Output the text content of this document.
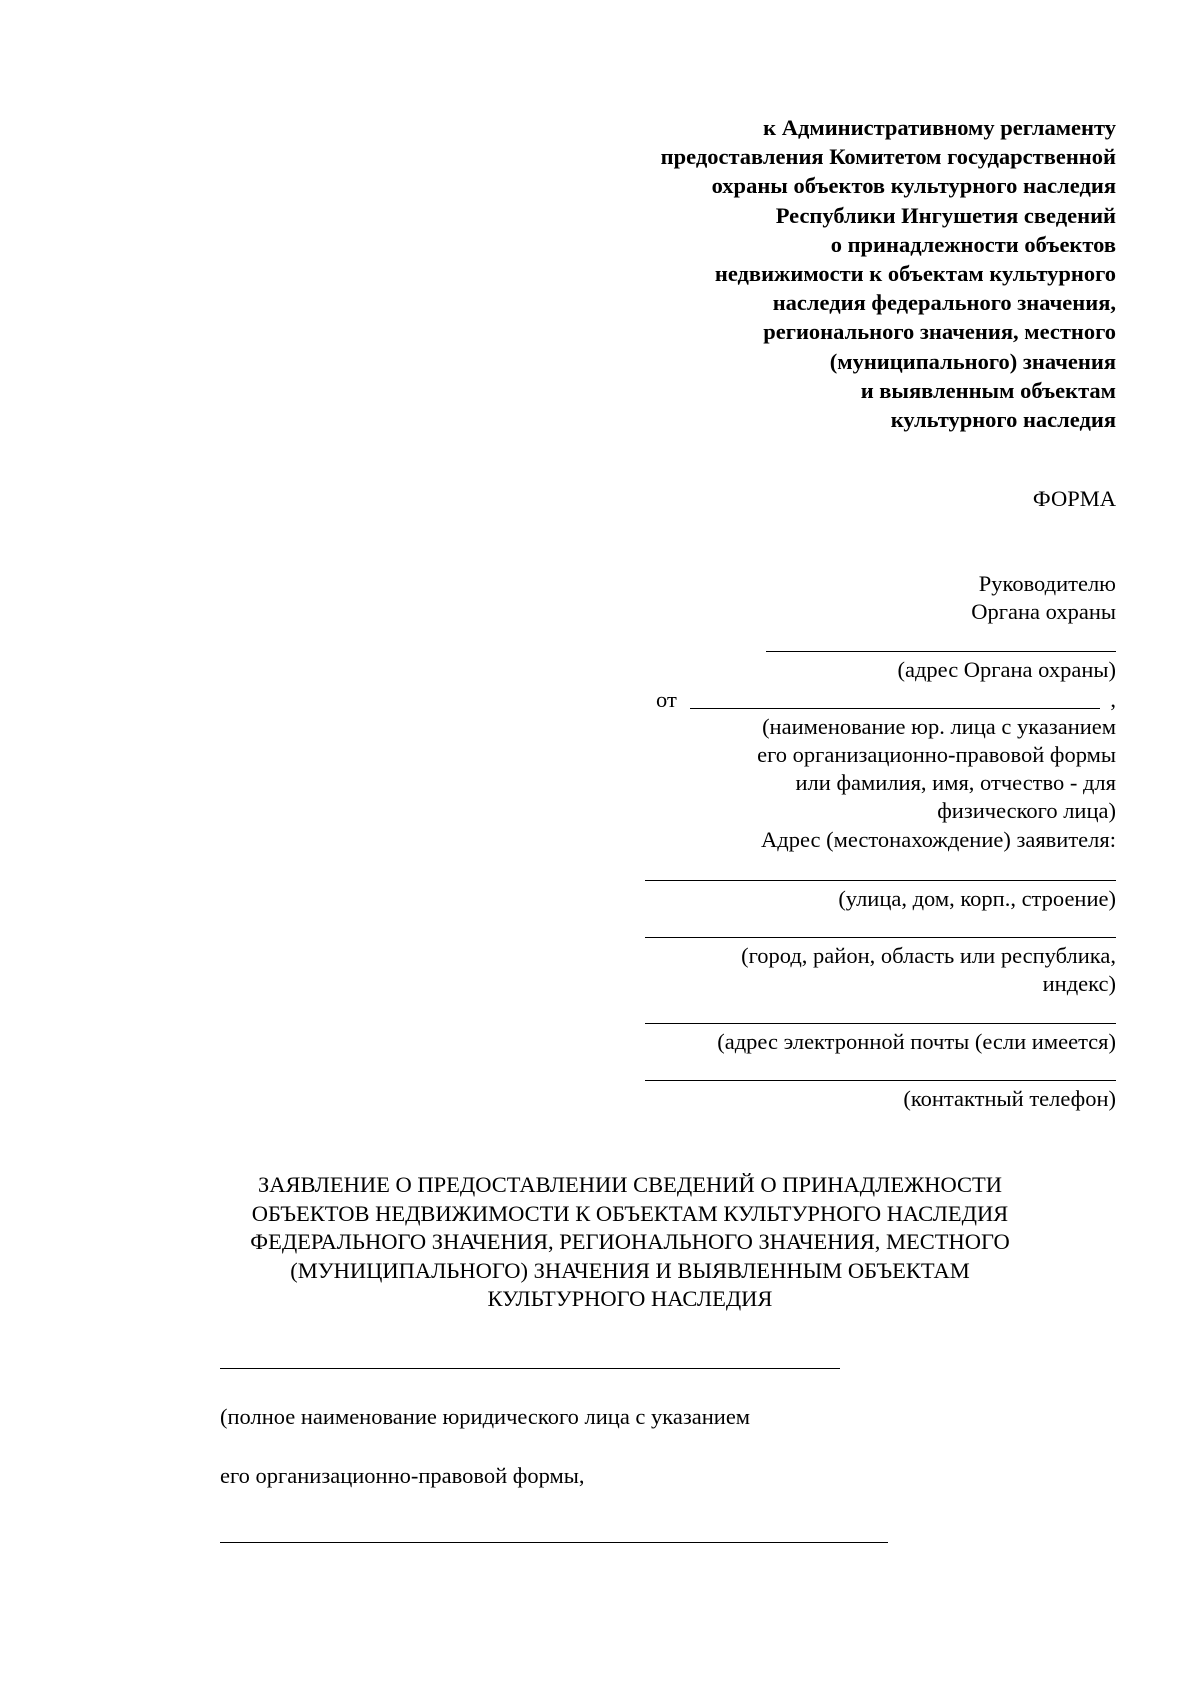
к Административному регламенту
предоставления Комитетом государственной
охраны объектов культурного наследия
Республики Ингушетия сведений
о принадлежности объектов
недвижимости к объектам культурного
наследия федерального значения,
регионального значения, местного
(муниципального) значения
и выявленным объектам
культурного наследия
ФОРМА
Руководителю
Органа охраны
(адрес Органа охраны)
от	,
(наименование юр. лица с указанием
его организационно-правовой формы
или фамилия, имя, отчество - для
физического лица)
Адрес (местонахождение) заявителя:
(улица, дом, корп., строение)
(город, район, область или республика,
индекс)
(адрес электронной почты (если имеется)
(контактный телефон)
ЗАЯВЛЕНИЕ О ПРЕДОСТАВЛЕНИИ СВЕДЕНИЙ О ПРИНАДЛЕЖНОСТИ
ОБЪЕКТОВ НЕДВИЖИМОСТИ К ОБЪЕКТАМ КУЛЬТУРНОГО НАСЛЕДИЯ
ФЕДЕРАЛЬНОГО ЗНАЧЕНИЯ, РЕГИОНАЛЬНОГО ЗНАЧЕНИЯ, МЕСТНОГО
(МУНИЦИПАЛЬНОГО) ЗНАЧЕНИЯ И ВЫЯВЛЕННЫМ ОБЪЕКТАМ
КУЛЬТУРНОГО НАСЛЕДИЯ
(полное наименование юридического лица с указанием
его организационно-правовой формы,
